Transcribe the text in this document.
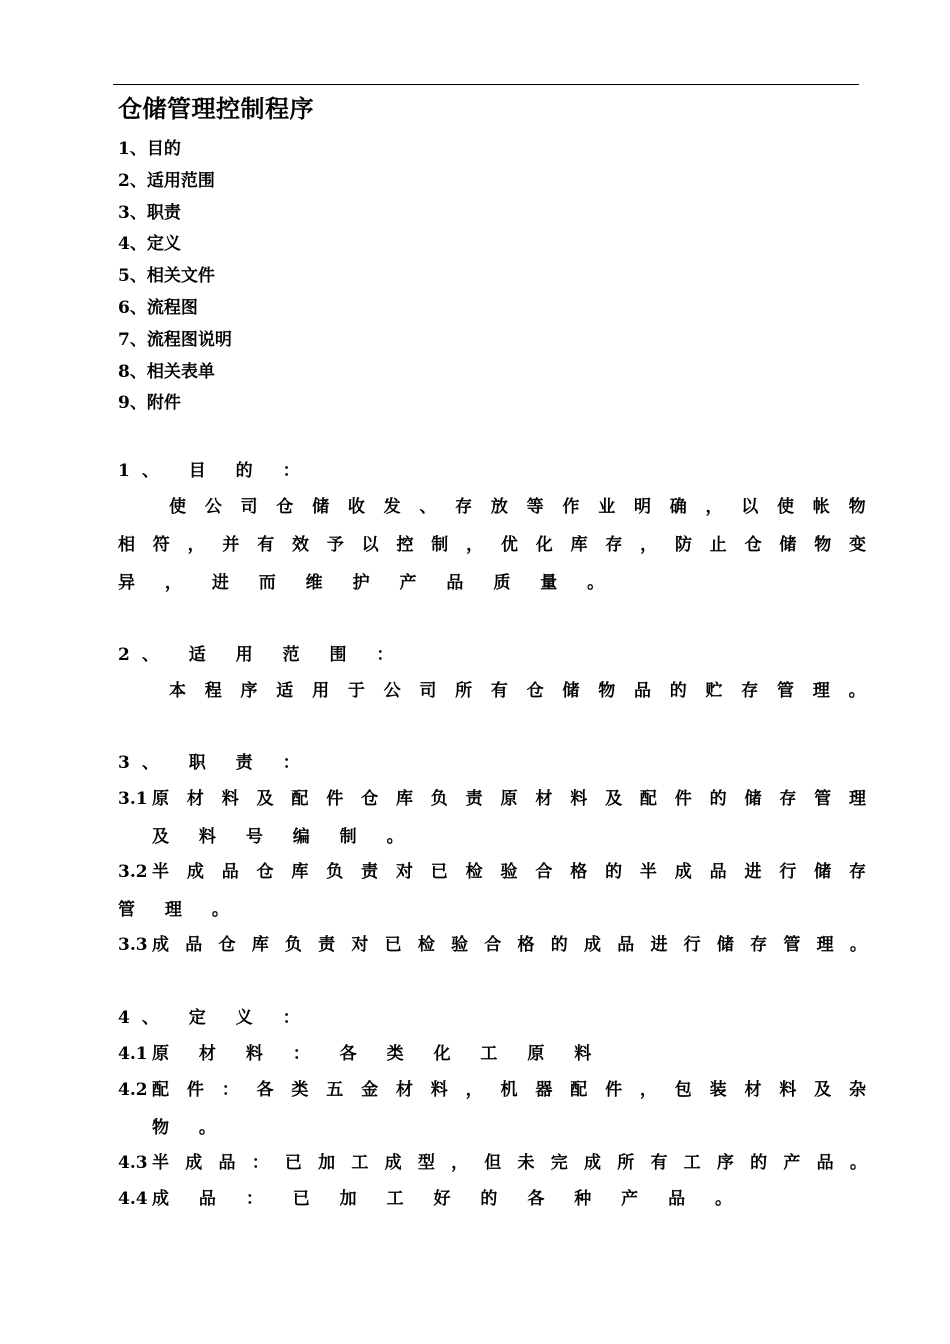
仓储管理控制程序
1、目的
2、适用范围
3、职责
4、定义
5、相关文件
6、流程图
7、流程图说明
8、相关表单
9、附件
1、 目 的 ：
使 公 司 仓 储 收 发 、 存 放 等 作 业 明 确 ， 以 使 帐 物
相 符 ， 并 有 效 予 以 控 制 ， 优 化 库 存 ， 防 止 仓 储 物 变
异 ， 进 而 维 护 产 品 质 量 。
2、 适 用 范 围 ：
本 程 序 适 用 于 公 司 所 有 仓 储 物 品 的 贮 存 管 理 。
3、 职 责 ：
3.1 原 材 料 及 配 件 仓 库 负 责 原 材 料 及 配 件 的 储 存 管 理
及 料 号 编 制 。
3.2 半 成 品 仓 库 负 责 对 已 检 验 合 格 的 半 成 品 进 行 储 存
管 理 。
3.3 成 品 仓 库 负 责 对 已 检 验 合 格 的 成 品 进 行 储 存 管 理 。
4、 定 义 ：
4.1 原 材 料 ： 各 类 化 工 原 料
4.2 配 件 ： 各 类 五 金 材 料 ， 机 器 配 件 ， 包 装 材 料 及 杂
物 。
4.3 半 成 品 ： 已 加 工 成 型 ， 但 未 完 成 所 有 工 序 的 产 品 。
4.4 成 品 ： 已 加 工 好 的 各 种 产 品 。
